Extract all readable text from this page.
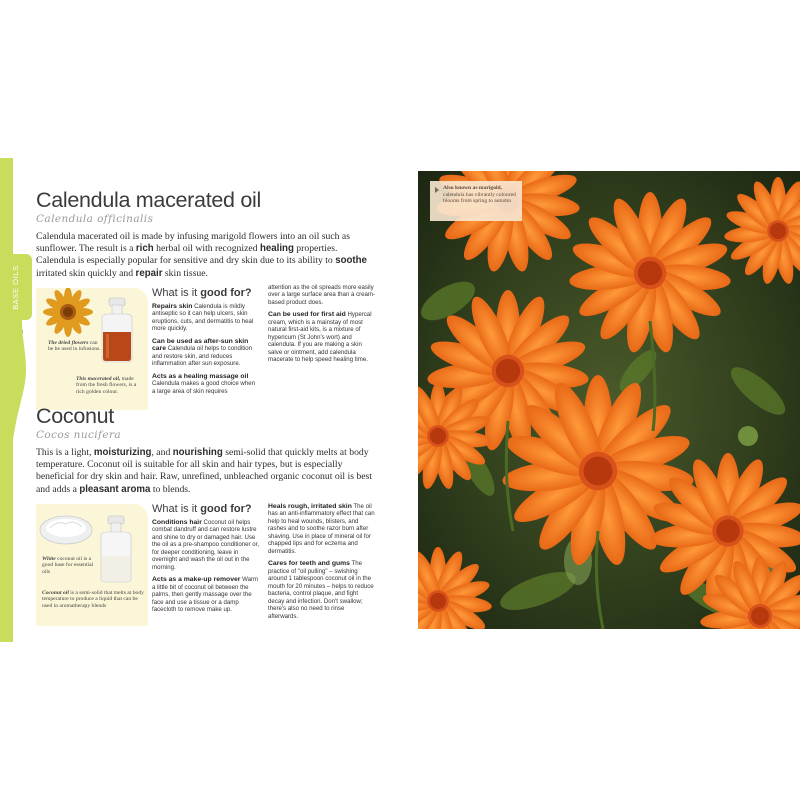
BASE OILS
Calendula macerated oil

Calendula officinalis

Calendula macerated oil is made by infusing marigold flowers into an oil such as sunflower. The result is a rich herbal oil with recognized healing properties. Calendula is especially popular for sensitive and dry skin due to its ability to soothe irritated skin quickly and repair skin tissue.

The dried flowers can be be used in infusions.
This macerated oil, made from the fresh flowers, is a rich golden colour.
What is it good for?

Repairs skin Calendula is mildly antiseptic so it can help ulcers, skin eruptions, cuts, and dermatitis to heal more quickly.

Can be used as after-sun skin care Calendula oil helps to condition and restore skin, and reduces inflammation after sun exposure.

Acts as a healing massage oil Calendula makes a good choice when a large area of skin requires

attention as the oil spreads more easily over a large surface area than a cream-based product does.

Can be used for first aid Hypercal cream, which is a mainstay of most natural first-aid kits, is a mixture of hypericum (St John's wort) and calendula. If you are making a skin salve or ointment, add calendula macerate to help speed healing time.

Coconut

Cocos nucifera

This is a light, moisturizing, and nourishing semi-solid that quickly melts at body temperature. Coconut oil is suitable for all skin and hair types, but is especially beneficial for dry skin and hair. Raw, unrefined, unbleached organic coconut oil is best and adds a pleasant aroma to blends.

White coconut oil is a good base for essential oils
Coconut oil is a semi-solid that melts at body temperature to produce a liquid that can be used in aromatherapy blends
What is it good for?

Conditions hair Coconut oil helps combat dandruff and can restore lustre and shine to dry or damaged hair. Use the oil as a pre-shampoo conditioner or, for deeper conditioning, leave in overnight and wash the oil out in the morning.

Acts as a make-up remover Warm a little bit of coconut oil between the palms, then gently massage over the face and use a tissue or a damp facecloth to remove make up.

Heals rough, irritated skin The oil has an anti-inflammatory effect that can help to heal wounds, blisters, and rashes and to soothe razor burn after shaving. Use in place of mineral oil for chapped lips and for eczema and dermatitis.

Cares for teeth and gums The practice of "oil pulling" – swishing around 1 tablespoon coconut oil in the mouth for 20 minutes – helps to reduce bacteria, control plaque, and fight decay and infection. Don't swallow; there's also no need to rinse afterwards.

Also known as marigold, calendula has vibrantly coloured blooms from spring to autumn
